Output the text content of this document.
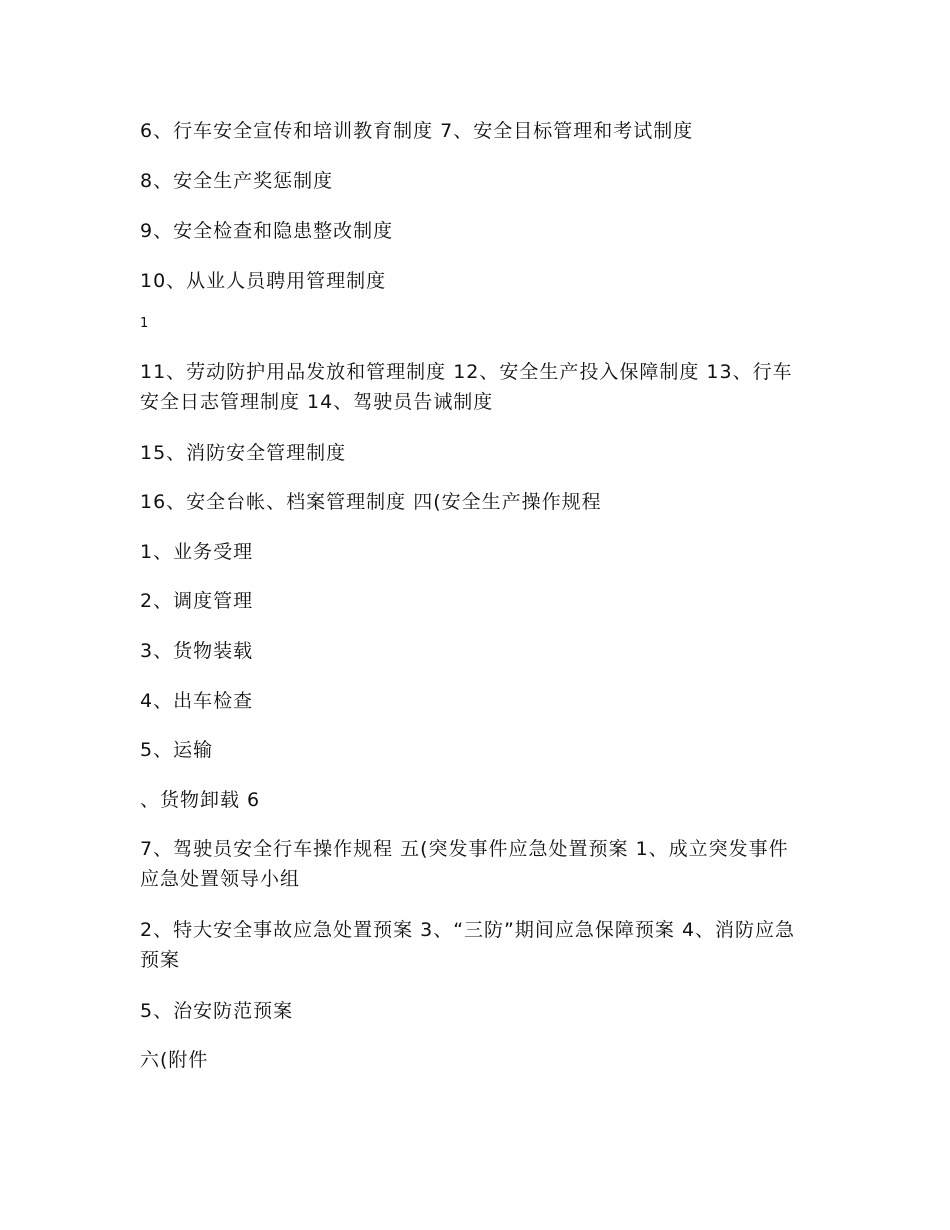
6、行车安全宣传和培训教育制度 7、安全目标管理和考试制度

8、安全生产奖惩制度

9、安全检查和隐患整改制度

10、从业人员聘用管理制度

1

11、劳动防护用品发放和管理制度 12、安全生产投入保障制度 13、行车安全日志管理制度 14、驾驶员告诫制度

15、消防安全管理制度

16、安全台帐、档案管理制度 四(安全生产操作规程

1、业务受理

2、调度管理

3、货物装载

4、出车检查

5、运输

、货物卸载 6

7、驾驶员安全行车操作规程 五(突发事件应急处置预案 1、成立突发事件应急处置领导小组

2、特大安全事故应急处置预案 3、“三防”期间应急保障预案 4、消防应急预案

5、治安防范预案

六(附件
